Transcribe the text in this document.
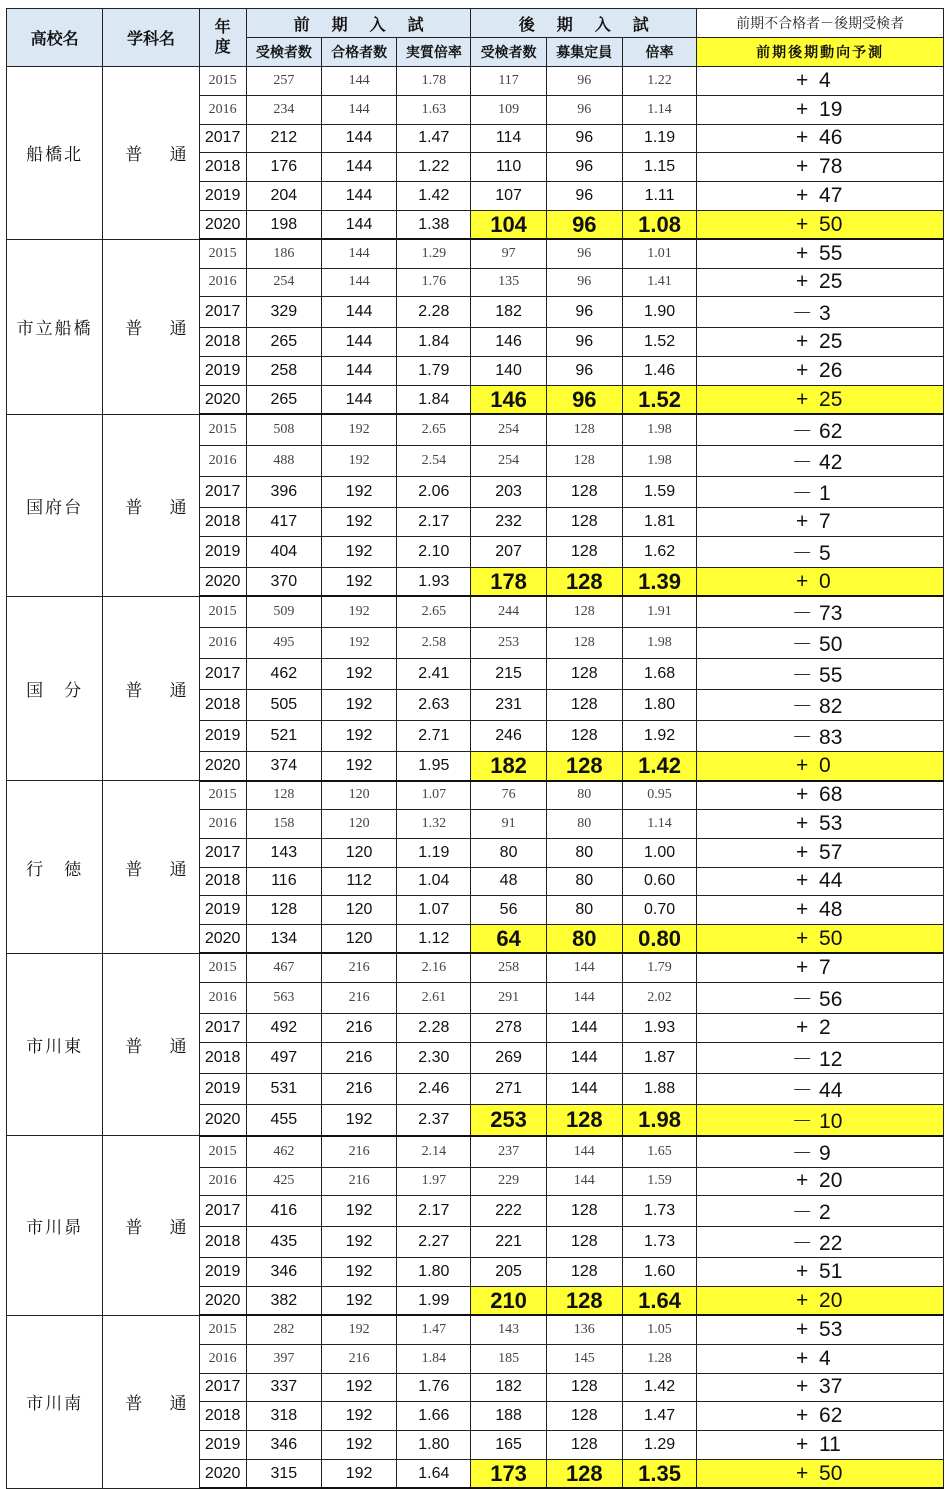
高校名	学科名	年度	前期入試			後期入試			前期不合格者－後期受検者
			受検者数	合格者数	実質倍率	受検者数	募集定員	倍率	前期後期動向予測
船橋北	普 通	2015	257	144	1.78	117	96	1.22	+ 4
		2016	234	144	1.63	109	96	1.14	+ 19
		2017	212	144	1.47	114	96	1.19	+ 46
		2018	176	144	1.22	110	96	1.15	+ 78
		2019	204	144	1.42	107	96	1.11	+ 47
		2020	198	144	1.38	104	96	1.08	+ 50
市立船橋	普 通	2015	186	144	1.29	97	96	1.01	+ 55
		2016	254	144	1.76	135	96	1.41	+ 25
		2017	329	144	2.28	182	96	1.90	－ 3
		2018	265	144	1.84	146	96	1.52	+ 25
		2019	258	144	1.79	140	96	1.46	+ 26
		2020	265	144	1.84	146	96	1.52	+ 25
国府台	普 通	2015	508	192	2.65	254	128	1.98	－ 62
		2016	488	192	2.54	254	128	1.98	－ 42
		2017	396	192	2.06	203	128	1.59	－ 1
		2018	417	192	2.17	232	128	1.81	+ 7
		2019	404	192	2.10	207	128	1.62	－ 5
		2020	370	192	1.93	178	128	1.39	+ 0
国　分	普 通	2015	509	192	2.65	244	128	1.91	－ 73
		2016	495	192	2.58	253	128	1.98	－ 50
		2017	462	192	2.41	215	128	1.68	－ 55
		2018	505	192	2.63	231	128	1.80	－ 82
		2019	521	192	2.71	246	128	1.92	－ 83
		2020	374	192	1.95	182	128	1.42	+ 0
行　徳	普 通	2015	128	120	1.07	76	80	0.95	+ 68
		2016	158	120	1.32	91	80	1.14	+ 53
		2017	143	120	1.19	80	80	1.00	+ 57
		2018	116	112	1.04	48	80	0.60	+ 44
		2019	128	120	1.07	56	80	0.70	+ 48
		2020	134	120	1.12	64	80	0.80	+ 50
市川東	普 通	2015	467	216	2.16	258	144	1.79	+ 7
		2016	563	216	2.61	291	144	2.02	－ 56
		2017	492	216	2.28	278	144	1.93	+ 2
		2018	497	216	2.30	269	144	1.87	－ 12
		2019	531	216	2.46	271	144	1.88	－ 44
		2020	455	192	2.37	253	128	1.98	－ 10
市川昴	普 通	2015	462	216	2.14	237	144	1.65	－ 9
		2016	425	216	1.97	229	144	1.59	+ 20
		2017	416	192	2.17	222	128	1.73	－ 2
		2018	435	192	2.27	221	128	1.73	－ 22
		2019	346	192	1.80	205	128	1.60	+ 51
		2020	382	192	1.99	210	128	1.64	+ 20
市川南	普 通	2015	282	192	1.47	143	136	1.05	+ 53
		2016	397	216	1.84	185	145	1.28	+ 4
		2017	337	192	1.76	182	128	1.42	+ 37
		2018	318	192	1.66	188	128	1.47	+ 62
		2019	346	192	1.80	165	128	1.29	+ 11
		2020	315	192	1.64	173	128	1.35	+ 50
